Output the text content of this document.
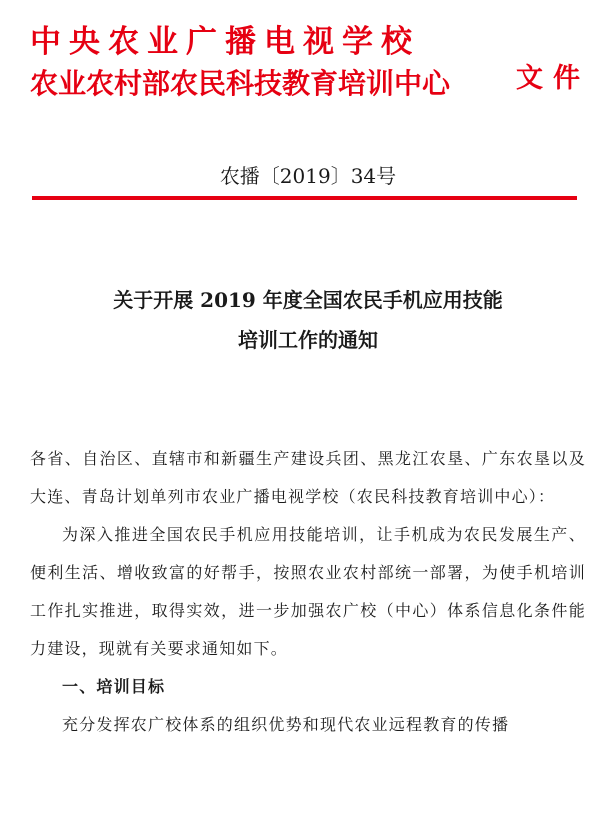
中央农业广播电视学校
农业农村部农民科技教育培训中心	文件
农播〔2019〕34号
关于开展 2019 年度全国农民手机应用技能
培训工作的通知

各省、自治区、直辖市和新疆生产建设兵团、黑龙江农垦、广东农垦以及大连、青岛计划单列市农业广播电视学校（农民科技教育培训中心）：

为深入推进全国农民手机应用技能培训，让手机成为农民发展生产、便利生活、增收致富的好帮手，按照农业农村部统一部署，为使手机培训工作扎实推进，取得实效，进一步加强农广校（中心）体系信息化条件能力建设，现就有关要求通知如下。

一、培训目标

充分发挥农广校体系的组织优势和现代农业远程教育的传播
